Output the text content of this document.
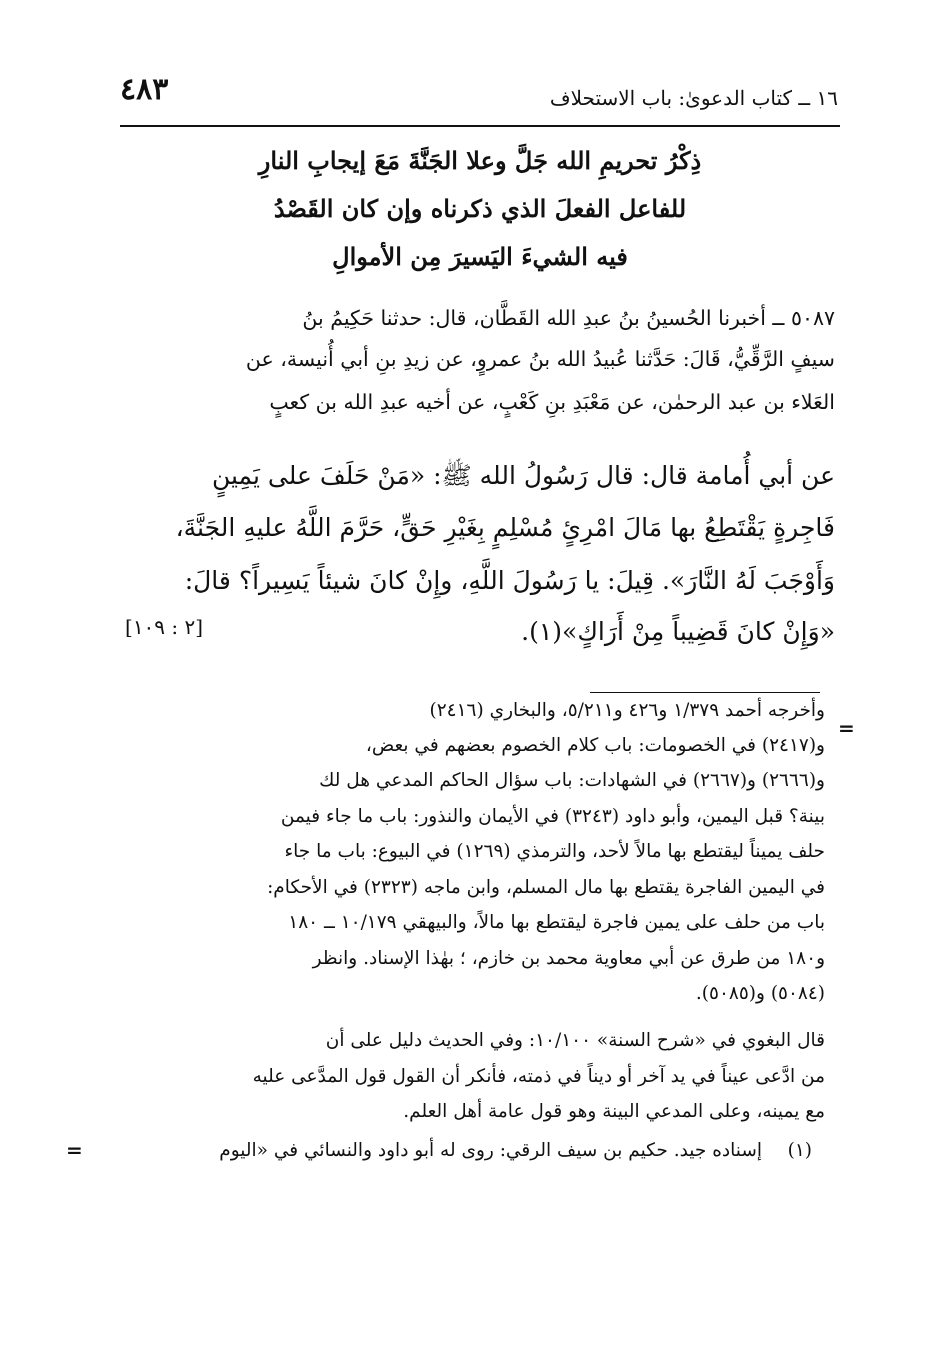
٤٨٣	١٦ ــ كتاب الدعوىٰ: باب الاستحلاف
ذِكْرُ تحريمِ الله جَلَّ وعلا الجَنَّةَ مَعَ إيجابِ النارِ
للفاعل الفعلَ الذي ذكرناه وإن كان القَصْدُ
فيه الشيءَ اليَسيرَ مِن الأموالِ
٥٠٨٧ ــ أخبرنا الحُسينُ بنُ عبدِ الله القَطَّان، قال: حدثنا حَكِيمُ بنُ
سيفٍ الرَّقِّيُّ، قَالَ: حَدَّثنا عُبيدُ الله بنُ عمروٍ، عن زيدِ بنِ أبي أُنيسة، عن
العَلاء بن عبد الرحمٰن، عن مَعْبَدِ بنِ كَعْبٍ، عن أخيه عبدِ الله بن كعبٍ
عن أبي أُمامة قال: قال رَسُولُ الله ﷺ: «مَنْ حَلَفَ على يَمِينٍ
فَاجِرةٍ يَقْتَطِعُ بها مَالَ امْرِئٍ مُسْلِمٍ بِغَيْرِ حَقٍّ، حَرَّمَ اللَّهُ عليهِ الجَنَّةَ،
وَأَوْجَبَ لَهُ النَّارَ». قِيلَ: يا رَسُولَ اللَّهِ، وإِنْ كانَ شيئاً يَسِيراً؟ قالَ:
«وَإِنْ كانَ قَضِيباً مِنْ أَرَاكٍ»(١).
[٢ : ١٠٩]
=
وأخرجه أحمد ١/٣٧٩ و٤٢٦ و٥/٢١١، والبخاري (٢٤١٦)
و(٢٤١٧) في الخصومات: باب كلام الخصوم بعضهم في بعض،
و(٢٦٦٦) و(٢٦٦٧) في الشهادات: باب سؤال الحاكم المدعي هل لك
بينة؟ قبل اليمين، وأبو داود (٣٢٤٣) في الأيمان والنذور: باب ما جاء فيمن
حلف يميناً ليقتطع بها مالاً لأحد، والترمذي (١٢٦٩) في البيوع: باب ما جاء
في اليمين الفاجرة يقتطع بها مال المسلم، وابن ماجه (٢٣٢٣) في الأحكام:
باب من حلف على يمين فاجرة ليقتطع بها مالاً، والبيهقي ١٠/١٧٩ ــ ١٨٠
و١٨٠ من طرق عن أبي معاوية محمد بن خازم، ؛ بهٰذا الإسناد. وانظر
(٥٠٨٤) و(٥٠٨٥).
قال البغوي في «شرح السنة» ١٠/١٠٠: وفي الحديث دليل على أن
من ادَّعى عيناً في يد آخر أو ديناً في ذمته، فأنكر أن القول قول المدَّعى عليه
مع يمينه، وعلى المدعي البينة وهو قول عامة أهل العلم.
(١)
إسناده جيد. حكيم بن سيف الرقي: روى له أبو داود والنسائي في «اليوم
=
